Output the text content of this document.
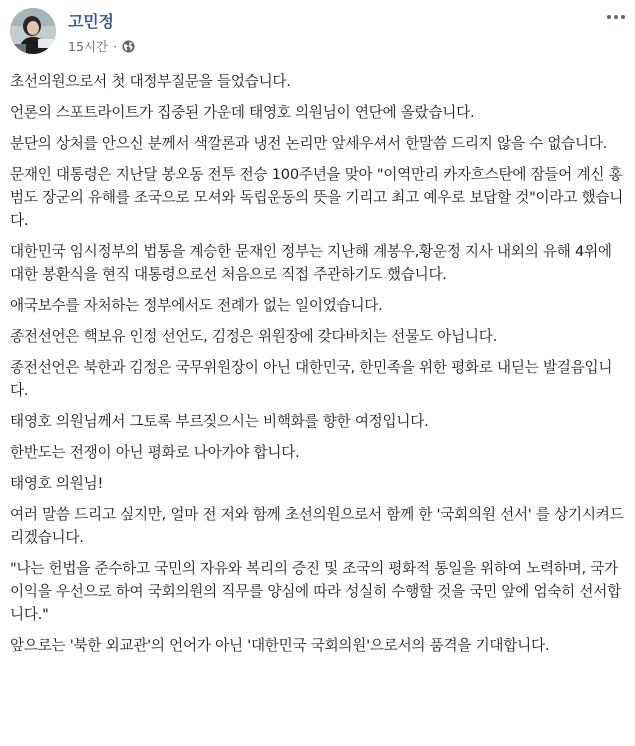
고민정
15시간 ·

초선의원으로서 첫 대정부질문을 들었습니다.

언론의 스포트라이트가 집중된 가운데 태영호 의원님이 연단에 올랐습니다.

분단의 상처를 안으신 분께서 색깔론과 냉전 논리만 앞세우셔서 한말씀 드리지 않을 수 없습니다.

문재인 대통령은 지난달 봉오동 전투 전승 100주년을 맞아 "이역만리 카자흐스탄에 잠들어 계신 홍범도 장군의 유해를 조국으로 모셔와 독립운동의 뜻을 기리고 최고 예우로 보답할 것"이라고 했습니다.

대한민국 임시정부의 법통을 계승한 문재인 정부는 지난해 계봉우,황운정 지사 내외의 유해 4위에 대한 봉환식을 현직 대통령으로선 처음으로 직접 주관하기도 했습니다.

애국보수를 자처하는 정부에서도 전례가 없는 일이었습니다.

종전선언은 핵보유 인정 선언도, 김정은 위원장에 갖다바치는 선물도 아닙니다.

종전선언은 북한과 김정은 국무위원장이 아닌 대한민국, 한민족을 위한 평화로 내딛는 발걸음입니다.

태영호 의원님께서 그토록 부르짖으시는 비핵화를 향한 여정입니다.

한반도는 전쟁이 아닌 평화로 나아가야 합니다.

태영호 의원님!

여러 말씀 드리고 싶지만, 얼마 전 저와 함께 초선의원으로서 함께 한 '국회의원 선서' 를 상기시켜드리겠습니다.

"나는 헌법을 준수하고 국민의 자유와 복리의 증진 및 조국의 평화적 통일을 위하여 노력하며, 국가이익을 우선으로 하여 국회의원의 직무를 양심에 따라 성실히 수행할 것을 국민 앞에 엄숙히 선서합니다."

앞으로는 '북한 외교관'의 언어가 아닌 '대한민국 국회의원'으로서의 품격을 기대합니다.
